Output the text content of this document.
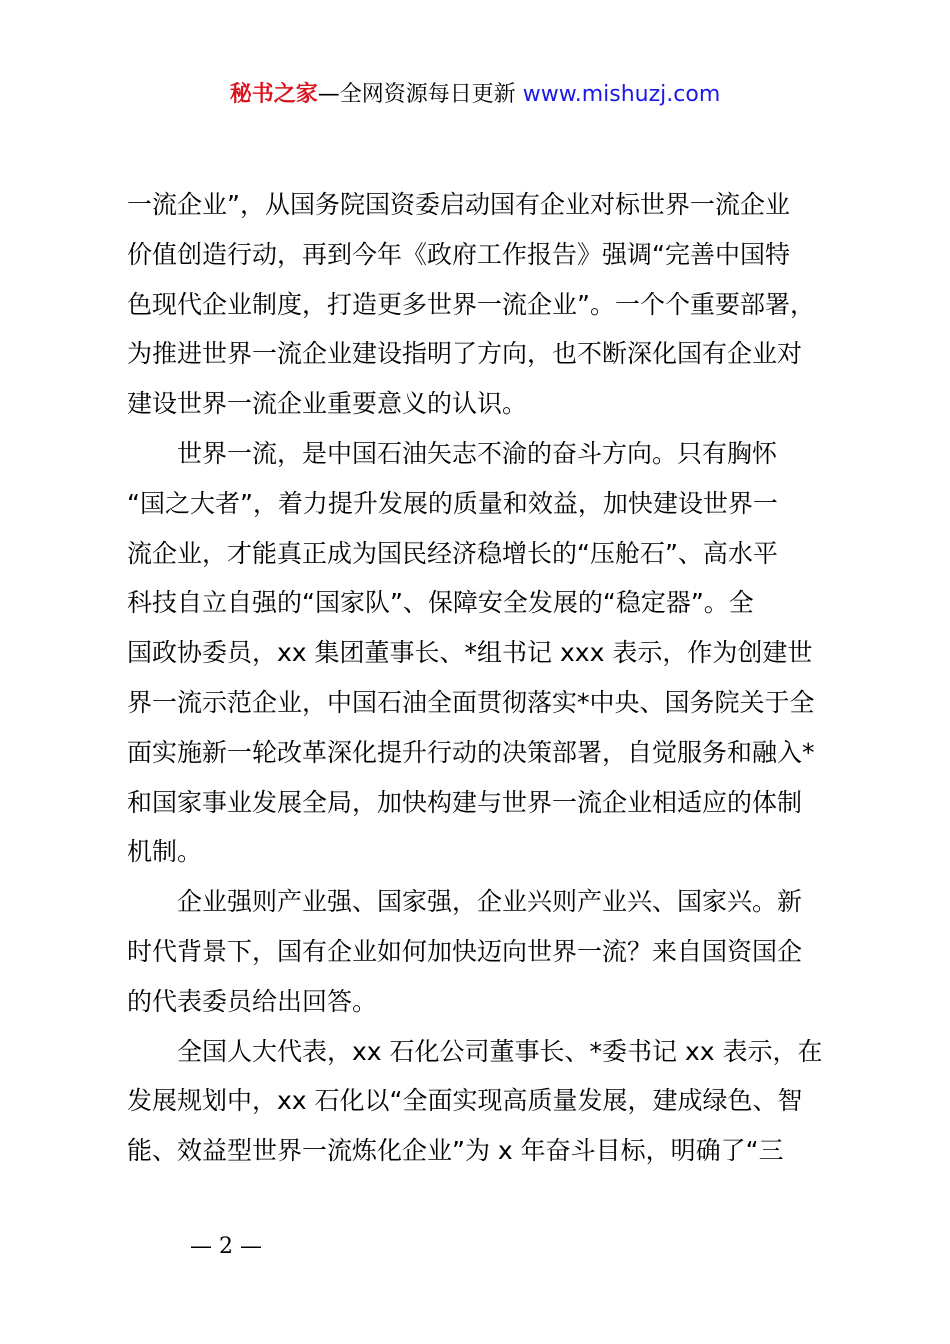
秘书之家—全网资源每日更新 www.mishuzj.com
一流企业”，从国务院国资委启动国有企业对标世界一流企业
价值创造行动，再到今年《政府工作报告》强调“完善中国特
色现代企业制度，打造更多世界一流企业”。一个个重要部署，
为推进世界一流企业建设指明了方向，也不断深化国有企业对
建设世界一流企业重要意义的认识。
世界一流，是中国石油矢志不渝的奋斗方向。只有胸怀
“国之大者”，着力提升发展的质量和效益，加快建设世界一
流企业，才能真正成为国民经济稳增长的“压舱石”、高水平
科技自立自强的“国家队”、保障安全发展的“稳定器”。全
国政协委员，xx 集团董事长、*组书记 xxx 表示，作为创建世
界一流示范企业，中国石油全面贯彻落实*中央、国务院关于全
面实施新一轮改革深化提升行动的决策部署，自觉服务和融入*
和国家事业发展全局，加快构建与世界一流企业相适应的体制
机制。
企业强则产业强、国家强，企业兴则产业兴、国家兴。新
时代背景下，国有企业如何加快迈向世界一流？来自国资国企
的代表委员给出回答。
全国人大代表，xx 石化公司董事长、*委书记 xx 表示，在
发展规划中，xx 石化以“全面实现高质量发展，建成绿色、智
能、效益型世界一流炼化企业”为 x 年奋斗目标，明确了“三
— 2 —
